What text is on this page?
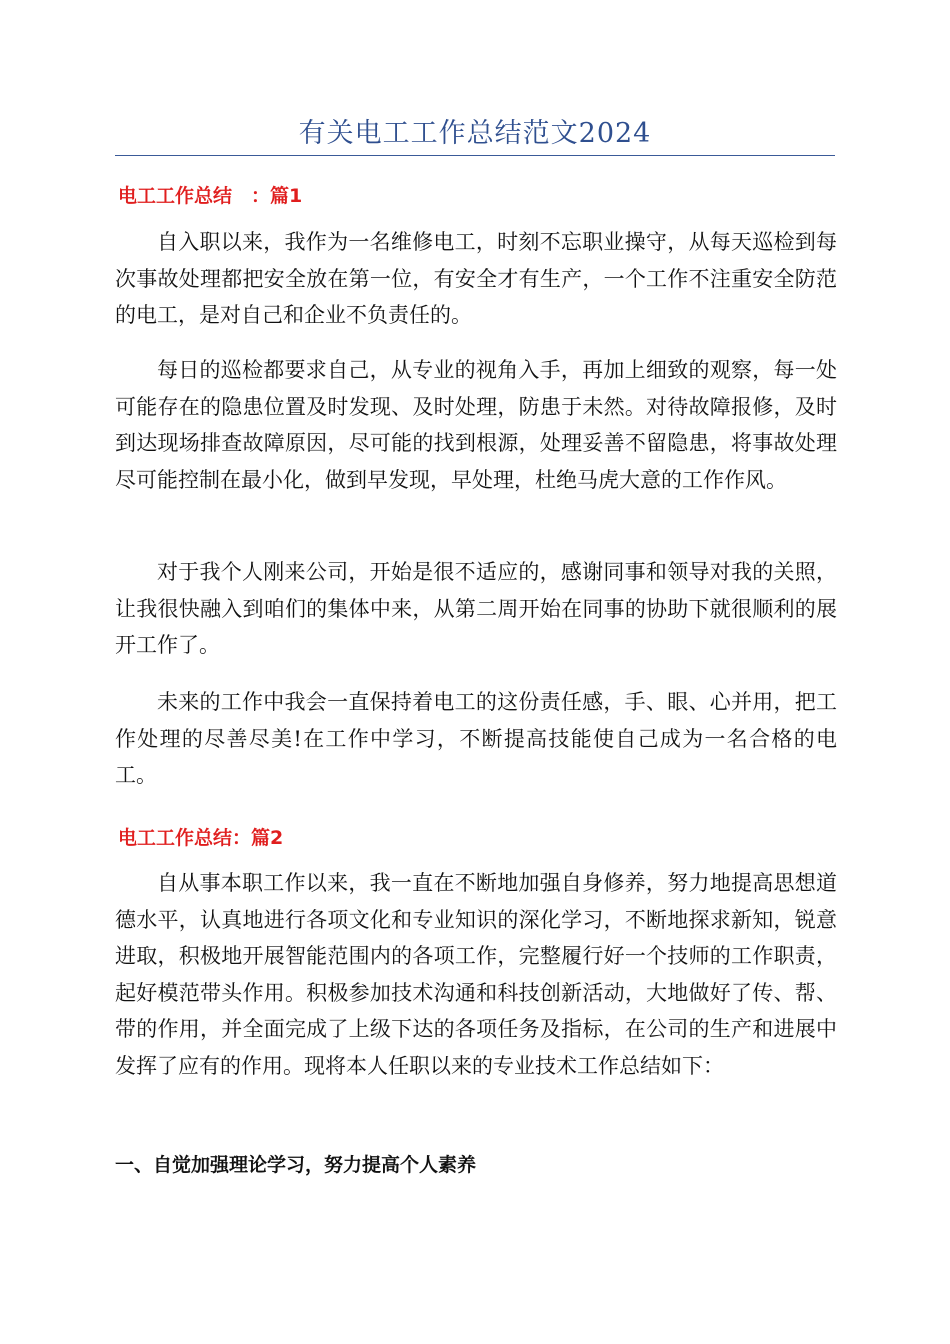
有关电工工作总结范文2024
电工工作总结　：篇1

自入职以来，我作为一名维修电工，时刻不忘职业操守，从每天巡检到每次事故处理都把安全放在第一位，有安全才有生产，一个工作不注重安全防范的电工，是对自己和企业不负责任的。

每日的巡检都要求自己，从专业的视角入手，再加上细致的观察，每一处可能存在的隐患位置及时发现、及时处理，防患于未然。对待故障报修，及时到达现场排查故障原因，尽可能的找到根源，处理妥善不留隐患，将事故处理尽可能控制在最小化，做到早发现，早处理，杜绝马虎大意的工作作风。

对于我个人刚来公司，开始是很不适应的，感谢同事和领导对我的关照，让我很快融入到咱们的集体中来，从第二周开始在同事的协助下就很顺利的展开工作了。

未来的工作中我会一直保持着电工的这份责任感，手、眼、心并用，把工作处理的尽善尽美!在工作中学习，不断提高技能使自己成为一名合格的电工。

电工工作总结：篇2

自从事本职工作以来，我一直在不断地加强自身修养，努力地提高思想道德水平，认真地进行各项文化和专业知识的深化学习，不断地探求新知，锐意进取，积极地开展智能范围内的各项工作，完整履行好一个技师的工作职责，起好模范带头作用。积极参加技术沟通和科技创新活动，大地做好了传、帮、带的作用，并全面完成了上级下达的各项任务及指标，在公司的生产和进展中发挥了应有的作用。现将本人任职以来的专业技术工作总结如下：

一、自觉加强理论学习，努力提高个人素养
